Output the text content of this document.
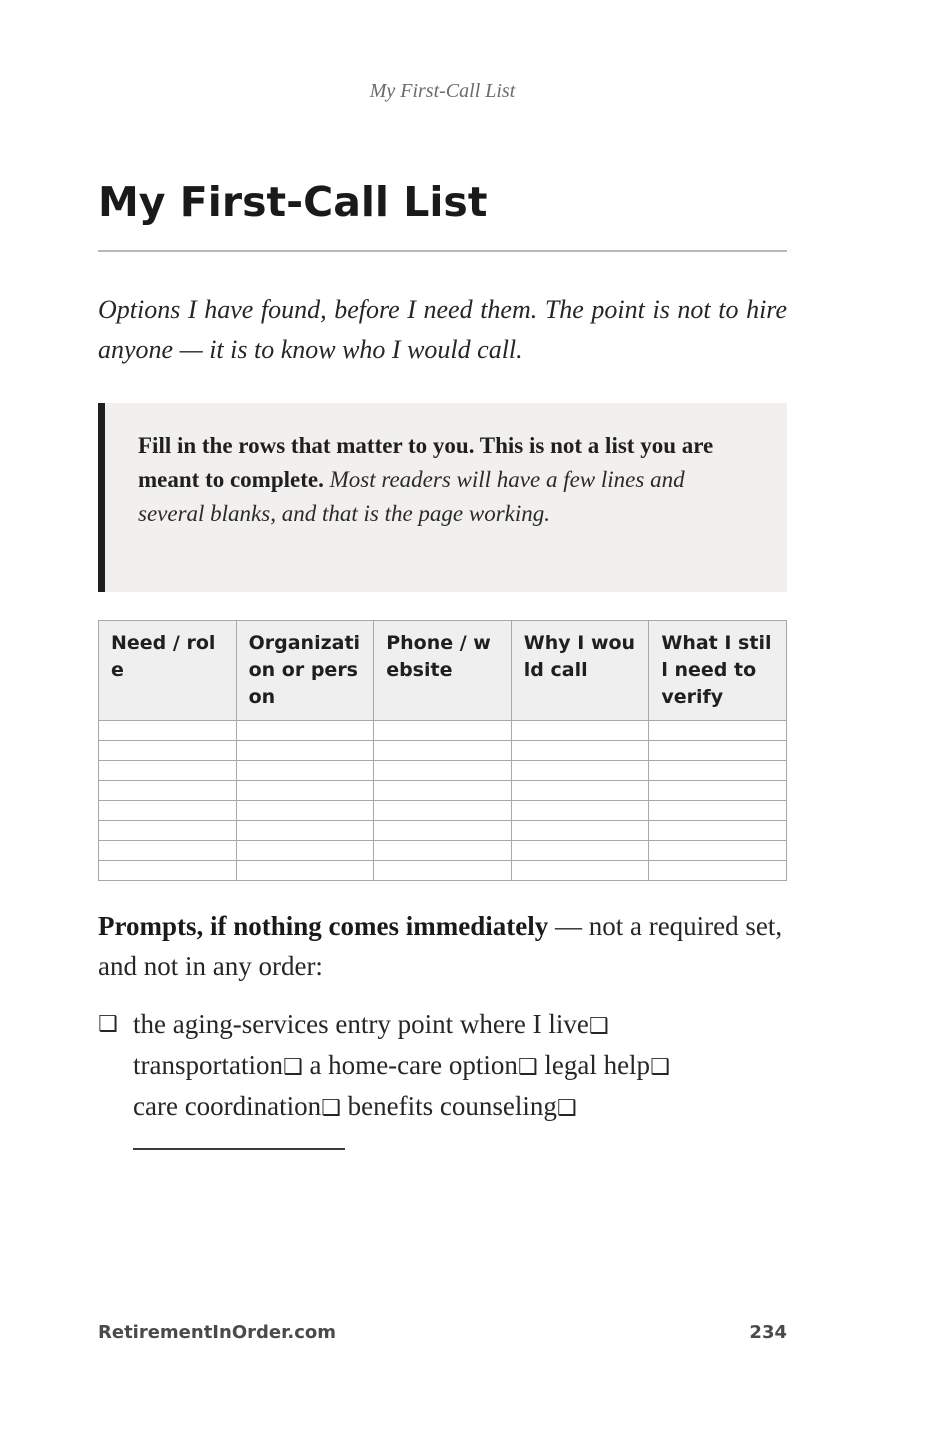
My First-Call List
My First-Call List

Options I have found, before I need them. The point is not to hire anyone — it is to know who I would call.

Fill in the rows that matter to you. This is not a list you are meant to complete. Most readers will have a few lines and several blanks, and that is the page working.

Need / role	Organization or person	Phone / website	Why I would call	What I still need to verify

Prompts, if nothing comes immediately — not a required set, and not in any order:

❑ the aging-services entry point where I live❑ transportation❑ a home-care option❑ legal help❑ care coordination❑ benefits counseling❑
RetirementInOrder.com	234
